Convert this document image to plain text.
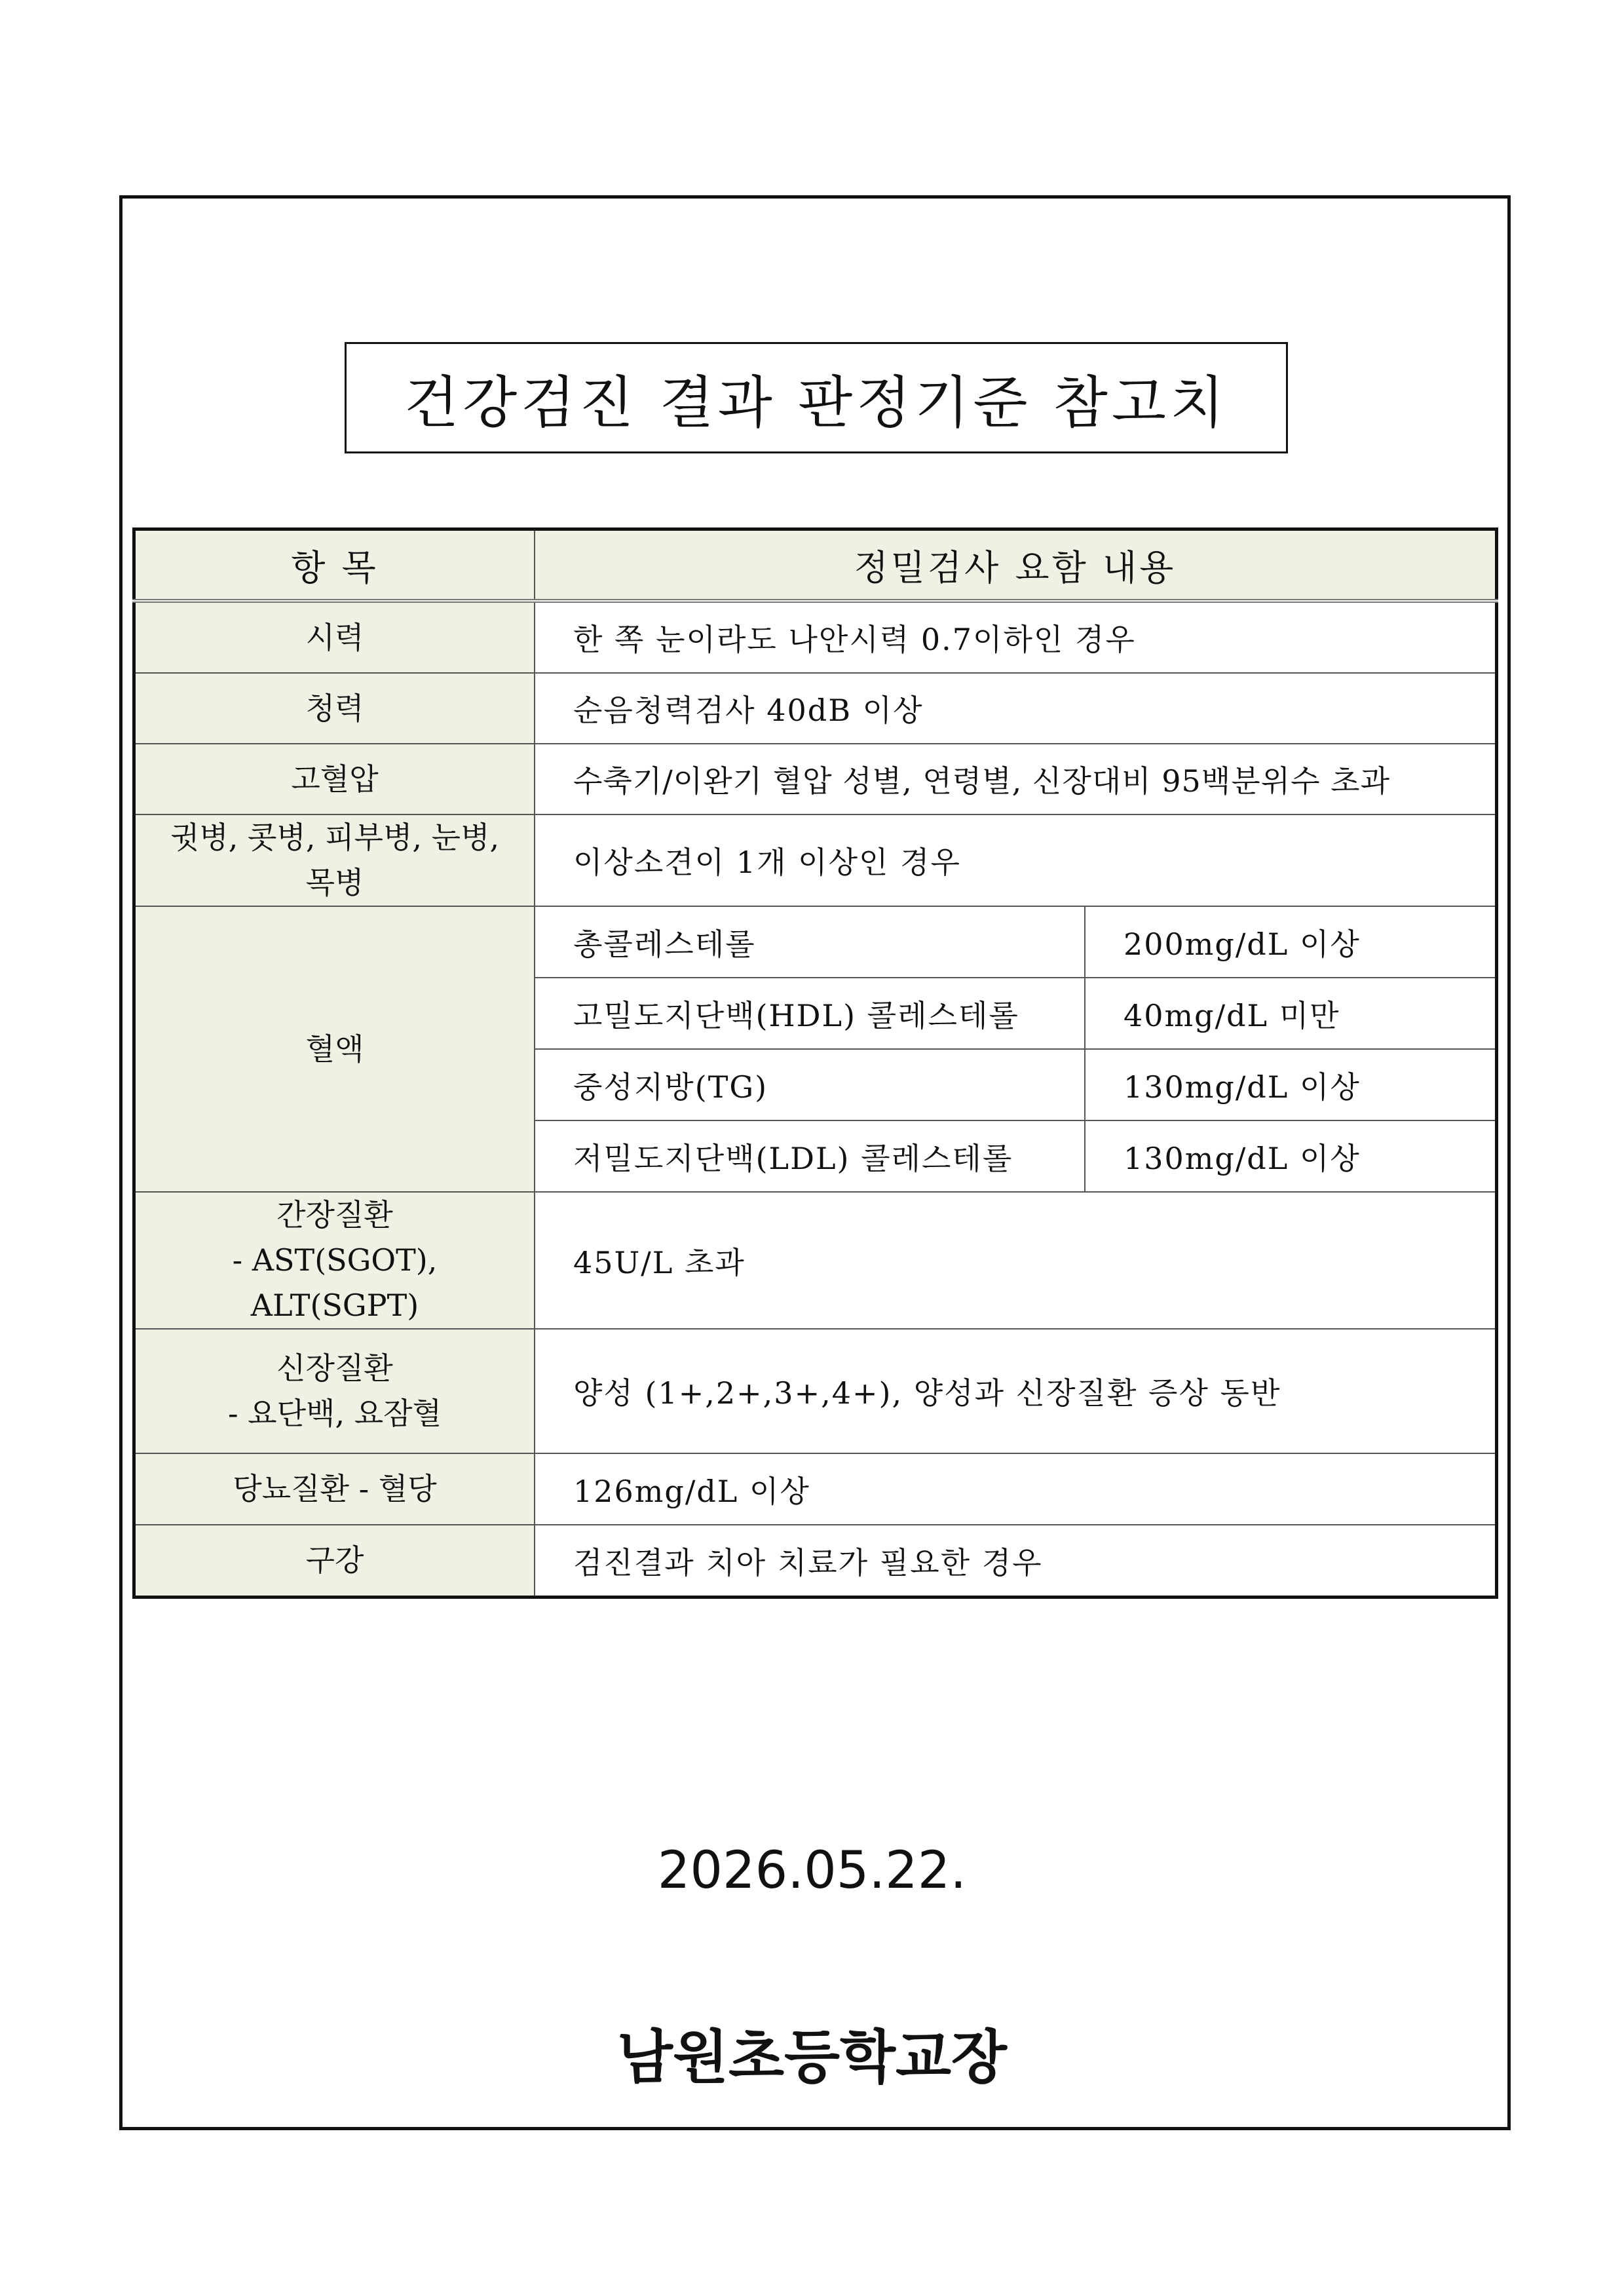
건강검진 결과 판정기준 참고치
항 목	정밀검사 요함 내용	
시력	한 쪽 눈이라도 나안시력 0.7이하인 경우	
청력	순음청력검사 40dB 이상	
고혈압	수축기/이완기 혈압 성별, 연령별, 신장대비 95백분위수 초과	

귓병, 콧병, 피부병, 눈병,
목병	이상소견이 1개 이상인 경우	
혈액	총콜레스테롤	200mg/dL 이상
	고밀도지단백(HDL) 콜레스테롤	40mg/dL 미만
	중성지방(TG)	130mg/dL 이상
	저밀도지단백(LDL) 콜레스테롤	130mg/dL 이상

간장질환
- AST(SGOT),
ALT(SGPT)	45U/L 초과	

신장질환
- 요단백, 요잠혈	양성 (1+,2+,3+,4+), 양성과 신장질환 증상 동반	
당뇨질환 - 혈당	126mg/dL 이상	
구강	검진결과 치아 치료가 필요한 경우	
2026.05.22.
남원초등학교장
